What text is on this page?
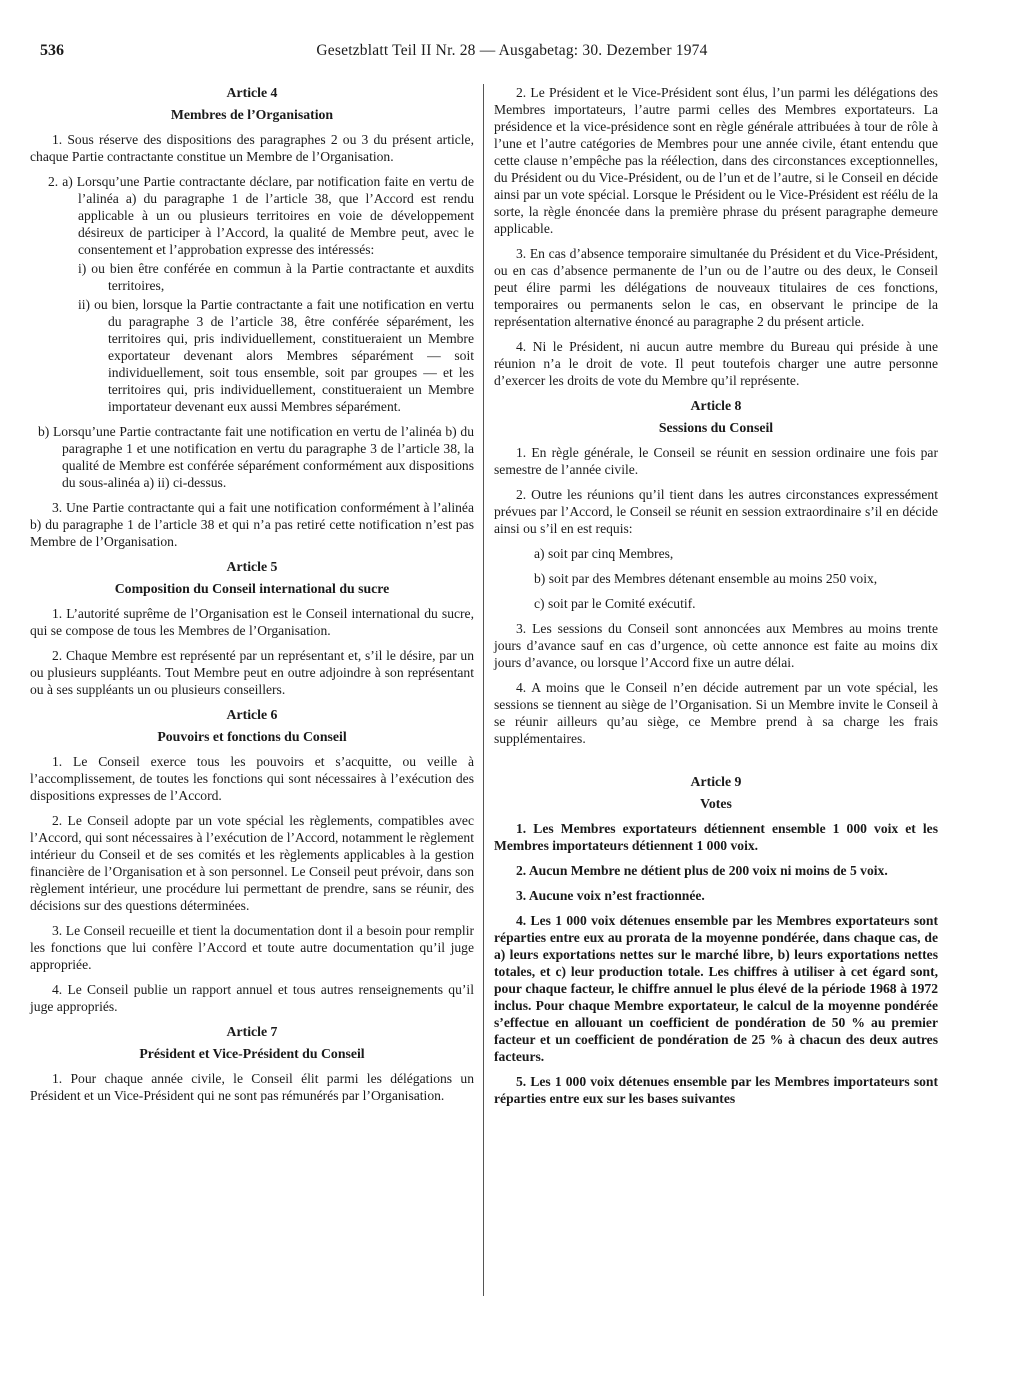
536	Gesetzblatt Teil II Nr. 28 — Ausgabetag: 30. Dezember 1974
Article 4
Membres de l’Organisation

1. Sous réserve des dispositions des paragraphes 2 ou 3 du présent article, chaque Partie contractante constitue un Membre de l’Organisation.

2. a) Lorsqu’une Partie contractante déclare, par notification faite en vertu de l’alinéa a) du paragraphe 1 de l’article 38, que l’Accord est rendu applicable à un ou plusieurs territoires en voie de développement désireux de participer à l’Accord, la qualité de Membre peut, avec le consentement et l’approbation expresse des intéressés:

i) ou bien être conférée en commun à la Partie contractante et auxdits territoires,

ii) ou bien, lorsque la Partie contractante a fait une notification en vertu du paragraphe 3 de l’article 38, être conférée séparément, les territoires qui, pris individuellement, constitueraient un Membre exportateur devenant alors Membres séparément — soit individuellement, soit tous ensemble, soit par groupes — et les territoires qui, pris individuellement, constitueraient un Membre importateur devenant eux aussi Membres séparément.

b) Lorsqu’une Partie contractante fait une notification en vertu de l’alinéa b) du paragraphe 1 et une notification en vertu du paragraphe 3 de l’article 38, la qualité de Membre est conférée séparément conformément aux dispositions du sous-alinéa a) ii) ci-dessus.

3. Une Partie contractante qui a fait une notification conformément à l’alinéa b) du paragraphe 1 de l’article 38 et qui n’a pas retiré cette notification n’est pas Membre de l’Organisation.

Article 5
Composition du Conseil international du sucre

1. L’autorité suprême de l’Organisation est le Conseil international du sucre, qui se compose de tous les Membres de l’Organisation.

2. Chaque Membre est représenté par un représentant et, s’il le désire, par un ou plusieurs suppléants. Tout Membre peut en outre adjoindre à son représentant ou à ses suppléants un ou plusieurs conseillers.

Article 6
Pouvoirs et fonctions du Conseil

1. Le Conseil exerce tous les pouvoirs et s’acquitte, ou veille à l’accomplissement, de toutes les fonctions qui sont nécessaires à l’exécution des dispositions expresses de l’Accord.

2. Le Conseil adopte par un vote spécial les règlements, compatibles avec l’Accord, qui sont nécessaires à l’exécution de l’Accord, notamment le règlement intérieur du Conseil et de ses comités et les règlements applicables à la gestion financière de l’Organisation et à son personnel. Le Conseil peut prévoir, dans son règlement intérieur, une procédure lui permettant de prendre, sans se réunir, des décisions sur des questions déterminées.

3. Le Conseil recueille et tient la documentation dont il a besoin pour remplir les fonctions que lui confère l’Accord et toute autre documentation qu’il juge appropriée.

4. Le Conseil publie un rapport annuel et tous autres renseignements qu’il juge appropriés.

Article 7
Président et Vice-Président du Conseil

1. Pour chaque année civile, le Conseil élit parmi les délégations un Président et un Vice-Président qui ne sont pas rémunérés par l’Organisation.

2. Le Président et le Vice-Président sont élus, l’un parmi les délégations des Membres importateurs, l’autre parmi celles des Membres exportateurs. La présidence et la vice-présidence sont en règle générale attribuées à tour de rôle à l’une et l’autre catégories de Membres pour une année civile, étant entendu que cette clause n’empêche pas la réélection, dans des circonstances exceptionnelles, du Président ou du Vice-Président, ou de l’un et de l’autre, si le Conseil en décide ainsi par un vote spécial. Lorsque le Président ou le Vice-Président est réélu de la sorte, la règle énoncée dans la première phrase du présent paragraphe demeure applicable.

3. En cas d’absence temporaire simultanée du Président et du Vice-Président, ou en cas d’absence permanente de l’un ou de l’autre ou des deux, le Conseil peut élire parmi les délégations de nouveaux titulaires de ces fonctions, temporaires ou permanents selon le cas, en observant le principe de la représentation alternative énoncé au paragraphe 2 du présent article.

4. Ni le Président, ni aucun autre membre du Bureau qui préside à une réunion n’a le droit de vote. Il peut toutefois charger une autre personne d’exercer les droits de vote du Membre qu’il représente.

Article 8
Sessions du Conseil

1. En règle générale, le Conseil se réunit en session ordinaire une fois par semestre de l’année civile.

2. Outre les réunions qu’il tient dans les autres circonstances expressément prévues par l’Accord, le Conseil se réunit en session extraordinaire s’il en décide ainsi ou s’il en est requis:

a) soit par cinq Membres,

b) soit par des Membres détenant ensemble au moins 250 voix,

c) soit par le Comité exécutif.

3. Les sessions du Conseil sont annoncées aux Membres au moins trente jours d’avance sauf en cas d’urgence, où cette annonce est faite au moins dix jours d’avance, ou lorsque l’Accord fixe un autre délai.

4. A moins que le Conseil n’en décide autrement par un vote spécial, les sessions se tiennent au siège de l’Organisation. Si un Membre invite le Conseil à se réunir ailleurs qu’au siège, ce Membre prend à sa charge les frais supplémentaires.

Article 9
Votes

1. Les Membres exportateurs détiennent ensemble 1 000 voix et les Membres importateurs détiennent 1 000 voix.

2. Aucun Membre ne détient plus de 200 voix ni moins de 5 voix.

3. Aucune voix n’est fractionnée.

4. Les 1 000 voix détenues ensemble par les Membres exportateurs sont réparties entre eux au prorata de la moyenne pondérée, dans chaque cas, de a) leurs exportations nettes sur le marché libre, b) leurs exportations nettes totales, et c) leur production totale. Les chiffres à utiliser à cet égard sont, pour chaque facteur, le chiffre annuel le plus élevé de la période 1968 à 1972 inclus. Pour chaque Membre exportateur, le calcul de la moyenne pondérée s’effectue en allouant un coefficient de pondération de 50 % au premier facteur et un coefficient de pondération de 25 % à chacun des deux autres facteurs.

5. Les 1 000 voix détenues ensemble par les Membres importateurs sont réparties entre eux sur les bases suivantes
